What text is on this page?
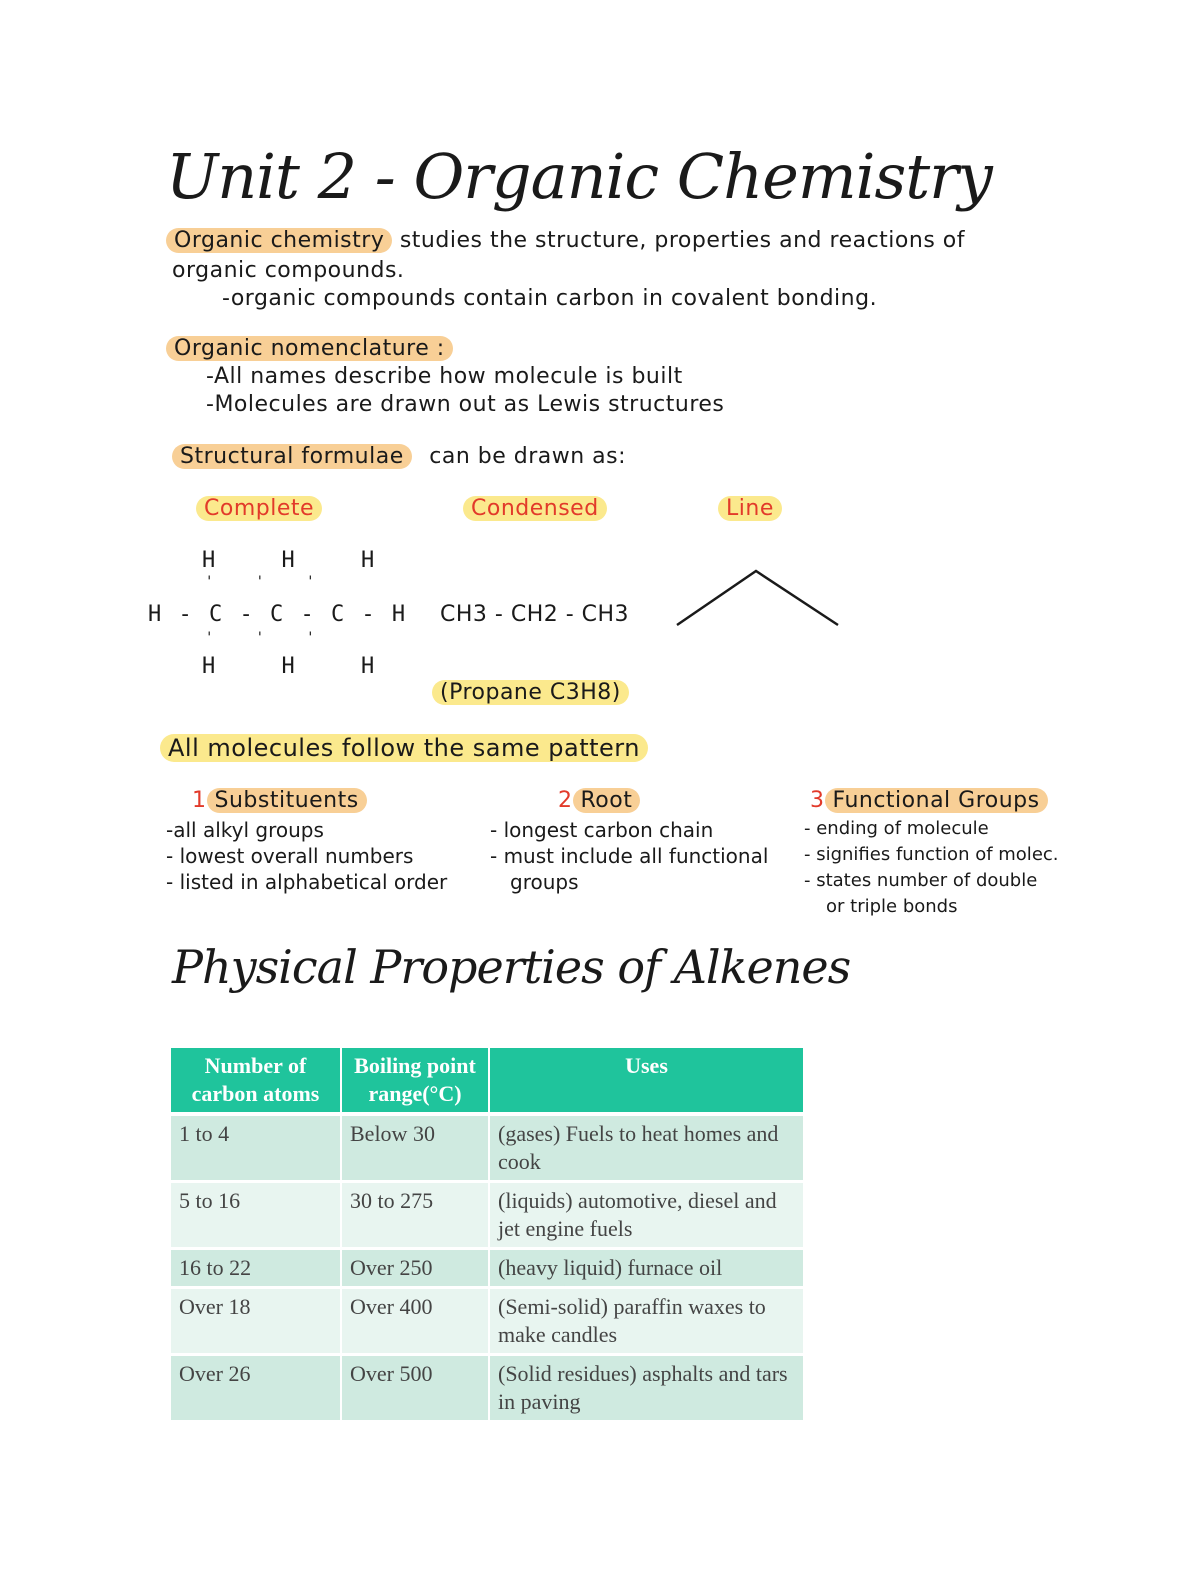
Unit 2 - Organic Chemistry
Organic chemistry studies the structure, properties and reactions of
organic compounds.
-organic compounds contain carbon in covalent bonding.
Organic nomenclature :
-All names describe how molecule is built
-Molecules are drawn out as Lewis structures
Structural formulae can be drawn as:
Complete	Condensed	Line
H     H     H
'     '     '
H - C - C - C - H
'     '     '
H     H     H
CH3 - CH2 - CH3
(Propane C3H8)
All molecules follow the same pattern
1 Substituents
-all alkyl groups
- lowest overall numbers
- listed in alphabetical order
2 Root
- longest carbon chain
- must include all functional
groups
3 Functional Groups
- ending of molecule
- signifies function of molec.
- states number of double
or triple bonds
Physical Properties of Alkenes
Number of carbon atoms	Boiling point range(°C)	Uses
1 to 4	Below 30	(gases) Fuels to heat homes and cook
5 to 16	30 to 275	(liquids) automotive, diesel and jet engine fuels
16 to 22	Over 250	(heavy liquid) furnace oil
Over 18	Over 400	(Semi-solid) paraffin waxes to make candles
Over 26	Over 500	(Solid residues) asphalts and tars in paving
